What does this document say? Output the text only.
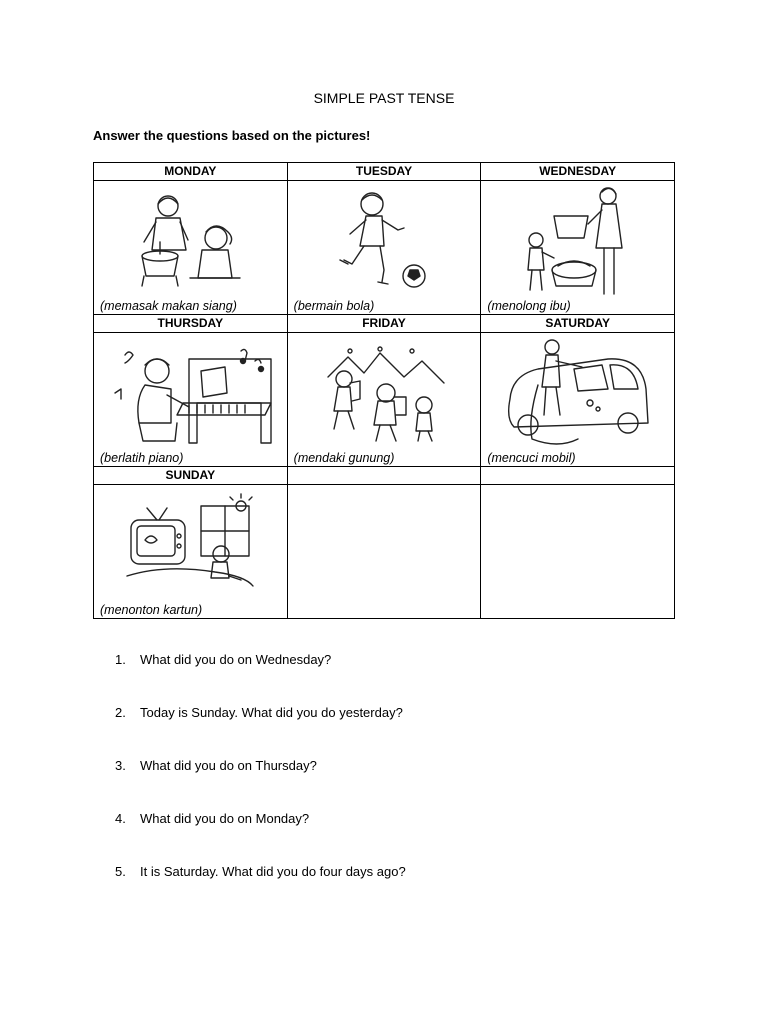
SIMPLE PAST TENSE
Answer the questions based on the pictures!
MONDAY	TUESDAY	WEDNESDAY

(memasak makan siang)	(bermain bola)	(menolong ibu)

THURSDAY	FRIDAY	SATURDAY

(berlatih piano)	(mendaki gunung)	(mencuci mobil)

SUNDAY		

(menonton kartun)		

1.	What did you do on Wednesday?
2.	Today is Sunday. What did you do yesterday?
3.	What did you do on Thursday?
4.	What did you do on Monday?
5.	It is Saturday. What did you do four days ago?
